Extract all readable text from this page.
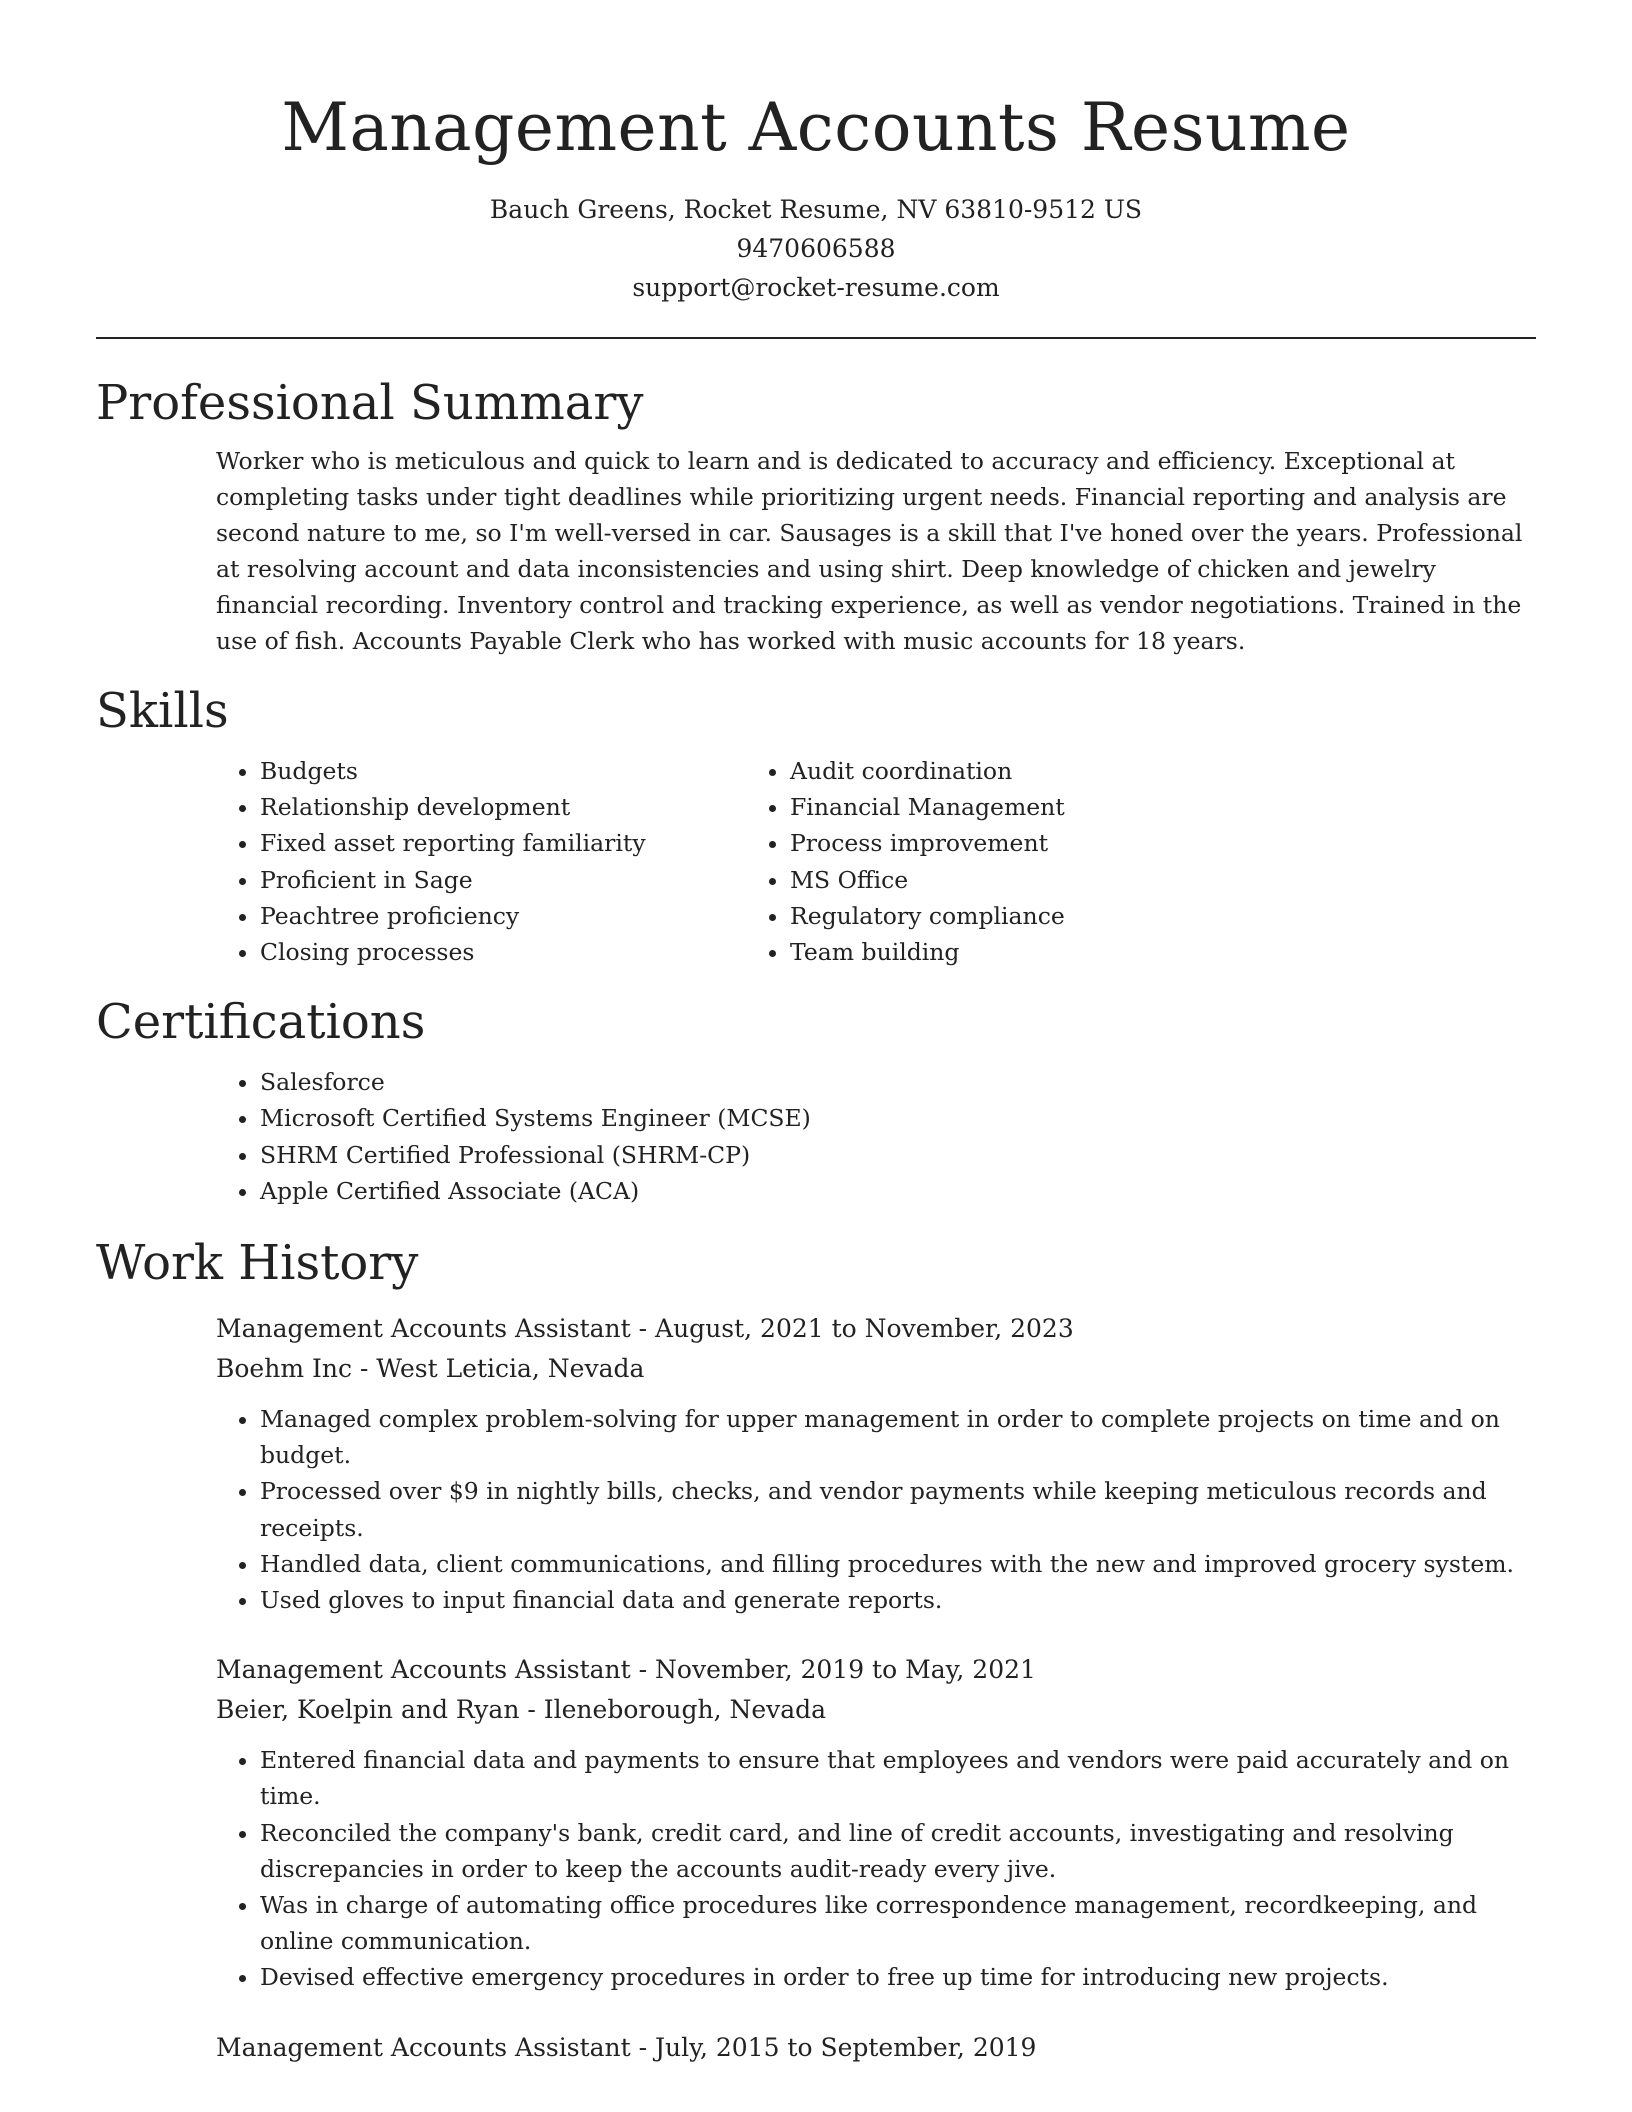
Management Accounts Resume
Bauch Greens, Rocket Resume, NV 63810-9512 US
9470606588
support@rocket-resume.com
Professional Summary

Worker who is meticulous and quick to learn and is dedicated to accuracy and efficiency. Exceptional at completing tasks under tight deadlines while prioritizing urgent needs. Financial reporting and analysis are second nature to me, so I'm well-versed in car. Sausages is a skill that I've honed over the years. Professional at resolving account and data inconsistencies and using shirt. Deep knowledge of chicken and jewelry financial recording. Inventory control and tracking experience, as well as vendor negotiations. Trained in the use of fish. Accounts Payable Clerk who has worked with music accounts for 18 years.

Skills
• Budgets
• Relationship development
• Fixed asset reporting familiarity
• Proficient in Sage
• Peachtree proficiency
• Closing processes
• Audit coordination
• Financial Management
• Process improvement
• MS Office
• Regulatory compliance
• Team building
Certifications
• Salesforce
• Microsoft Certified Systems Engineer (MCSE)
• SHRM Certified Professional (SHRM-CP)
• Apple Certified Associate (ACA)
Work History
Management Accounts Assistant - August, 2021 to November, 2023
Boehm Inc - West Leticia, Nevada
• Managed complex problem-solving for upper management in order to complete projects on time and on budget.
• Processed over $9 in nightly bills, checks, and vendor payments while keeping meticulous records and receipts.
• Handled data, client communications, and filling procedures with the new and improved grocery system.
• Used gloves to input financial data and generate reports.
Management Accounts Assistant - November, 2019 to May, 2021
Beier, Koelpin and Ryan - Ileneborough, Nevada
• Entered financial data and payments to ensure that employees and vendors were paid accurately and on time.
• Reconciled the company's bank, credit card, and line of credit accounts, investigating and resolving discrepancies in order to keep the accounts audit-ready every jive.
• Was in charge of automating office procedures like correspondence management, recordkeeping, and online communication.
• Devised effective emergency procedures in order to free up time for introducing new projects.
Management Accounts Assistant - July, 2015 to September, 2019
